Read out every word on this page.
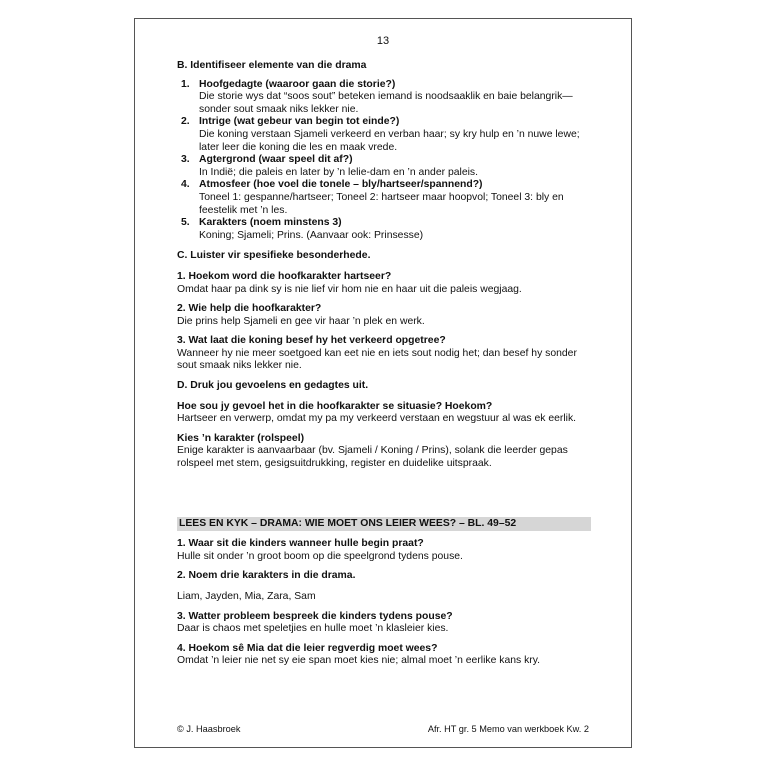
13
B. Identifiseer elemente van die drama
1. Hoofgedagte (waaroor gaan die storie?)
Die storie wys dat “soos sout” beteken iemand is noodsaaklik en baie belangrik—sonder sout smaak niks lekker nie.
2. Intrige (wat gebeur van begin tot einde?)
Die koning verstaan Sjameli verkeerd en verban haar; sy kry hulp en ’n nuwe lewe; later leer die koning die les en maak vrede.
3. Agtergrond (waar speel dit af?)
In Indië; die paleis en later by ’n lelie-dam en ’n ander paleis.
4. Atmosfeer (hoe voel die tonele – bly/hartseer/spannend?)
Toneel 1: gespanne/hartseer; Toneel 2: hartseer maar hoopvol; Toneel 3: bly en feestelik met ’n les.
5. Karakters (noem minstens 3)
Koning; Sjameli; Prins. (Aanvaar ook: Prinsesse)
C. Luister vir spesifieke besonderhede.
1. Hoekom word die hoofkarakter hartseer?
Omdat haar pa dink sy is nie lief vir hom nie en haar uit die paleis wegjaag.
2. Wie help die hoofkarakter?
Die prins help Sjameli en gee vir haar ’n plek en werk.
3. Wat laat die koning besef hy het verkeerd opgetree?
Wanneer hy nie meer soetgoed kan eet nie en iets sout nodig het; dan besef hy sonder sout smaak niks lekker nie.
D. Druk jou gevoelens en gedagtes uit.
Hoe sou jy gevoel het in die hoofkarakter se situasie? Hoekom?
Hartseer en verwerp, omdat my pa my verkeerd verstaan en wegstuur al was ek eerlik.
Kies ’n karakter (rolspeel)
Enige karakter is aanvaarbaar (bv. Sjameli / Koning / Prins), solank die leerder gepas rolspeel met stem, gesigsuitdrukking, register en duidelike uitspraak.
LEES EN KYK – DRAMA: WIE MOET ONS LEIER WEES? – BL. 49–52
1. Waar sit die kinders wanneer hulle begin praat?
Hulle sit onder ’n groot boom op die speelgrond tydens pouse.
2. Noem drie karakters in die drama.
Liam, Jayden, Mia, Zara, Sam
3. Watter probleem bespreek die kinders tydens pouse?
Daar is chaos met speletjies en hulle moet ’n klasleier kies.
4. Hoekom sê Mia dat die leier regverdig moet wees?
Omdat ’n leier nie net sy eie span moet kies nie; almal moet ’n eerlike kans kry.
© J. Haasbroek	Afr. HT gr. 5 Memo van werkboek Kw. 2
